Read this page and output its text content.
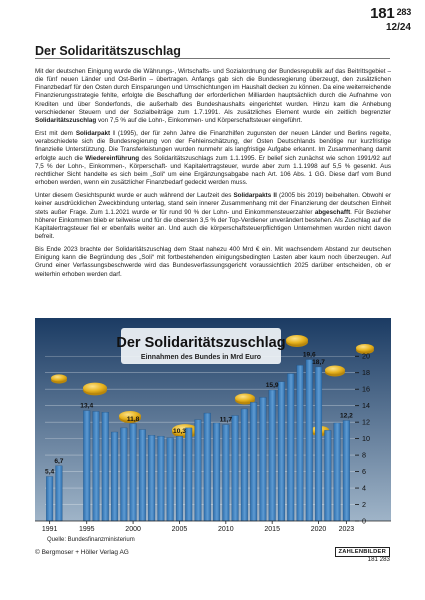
181 $^{283}$
12/24
Der Solidaritätszuschlag

Mit der deutschen Einigung wurde die Währungs-, Wirtschafts- und Sozialordnung der Bundesrepublik auf das Beitrittsgebiet – die fünf neuen Länder und Ost-Berlin – übertragen. Anfangs gab sich die Bundesregierung überzeugt, den zusätzlichen Finanzbedarf für den Osten durch Einsparungen und Umschichtungen im Haushalt decken zu können. Da eine weiterreichende Finanzierungsstrategie fehlte, erfolgte die Beschaffung der erforderlichen Milliarden hauptsächlich durch die Aufnahme von Krediten und über Sonderfonds, die außerhalb des Bundeshaushalts eingerichtet wurden. Hinzu kam die Anhebung verschiedener Steuern und der Sozialbeiträge zum 1.7.1991. Als zusätzliches Element wurde ein zeitlich begrenzter Solidaritätszuschlag von 7,5 % auf die Lohn-, Einkommen- und Körperschaftsteuer eingeführt.

Erst mit dem Solidarpakt I (1995), der für zehn Jahre die Finanzhilfen zugunsten der neuen Länder und Berlins regelte, verabschiedete sich die Bundesregierung von der Fehleinschätzung, der Osten Deutschlands benötige nur kurzfristige finanzielle Unterstützung. Die Transferleistungen wurden nunmehr als langfristige Aufgabe erkannt. Im Zusammenhang damit erfolgte auch die Wiedereinführung des Solidaritätszuschlags zum 1.1.1995. Er belief sich zunächst wie schon 1991/92 auf 7,5 % der Lohn-, Einkommen-, Körperschaft- und Kapitalertragsteuer, wurde aber zum 1.1.1998 auf 5,5 % gesenkt. Aus rechtlicher Sicht handelte es sich beim „Soli“ um eine Ergänzungsabgabe nach Art. 106 Abs. 1 GG. Diese darf vom Bund erhoben werden, wenn ein zusätzlicher Finanzbedarf gedeckt werden muss.

Unter diesem Gesichtspunkt wurde er auch während der Laufzeit des Solidarpakts II (2005 bis 2019) beibehalten. Obwohl er keiner ausdrücklichen Zweckbindung unterlag, stand sein innerer Zusammenhang mit der Finanzierung der deutschen Einheit stets außer Frage. Zum 1.1.2021 wurde er für rund 90 % der Lohn- und Einkommensteuerzahler abgeschafft. Für Bezieher höherer Einkommen blieb er teilweise und für die obersten 3,5 % der Top-Verdiener unverändert bestehen. Als Zuschlag auf die Kapitalertragsteuer fiel er ebenfalls weiter an. Und auch die körperschaftsteuerpflichtigen Unternehmen wurden nicht davon befreit.

Bis Ende 2023 brachte der Solidaritätszuschlag dem Staat nahezu 400 Mrd € ein. Mit wachsendem Abstand zur deutschen Einigung kann die Begründung des „Soli“ mit fortbestehenden einigungsbedingten Lasten aber kaum noch überzeugen. Auf Grund einer Verfassungsbeschwerde wird das Bundesverfassungsgericht voraussichtlich 2025 darüber entscheiden, ob er weiterhin erhoben werden darf.

5,4
6,7
13,4
11,8
10,3
11,7
15,9
19,6
18,7
12,2
0
2
4
6
8
10
12
14
16
18
20
1991	1995	2000	2005	2010	2015	2020 2023
Der Solidaritätszuschlag
Einnahmen des Bundes in Mrd Euro
Quelle: Bundesfinanzministerium
© Bergmoser + Höller Verlag AG	ZAHLENBILDER
181 283
